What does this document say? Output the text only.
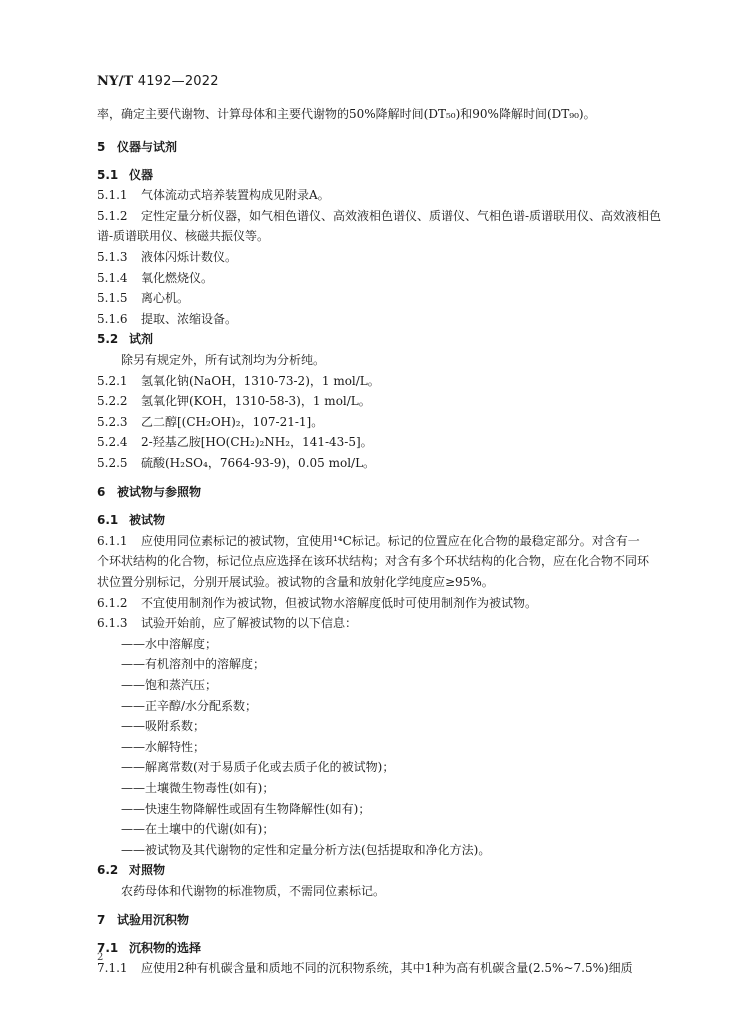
NY/T 4192—2022
率，确定主要代谢物、计算母体和主要代谢物的50%降解时间(DT₅₀)和90%降解时间(DT₉₀)。
5 仪器与试剂
5.1 仪器
5.1.1 气体流动式培养装置构成见附录A。
5.1.2 定性定量分析仪器，如气相色谱仪、高效液相色谱仪、质谱仪、气相色谱-质谱联用仪、高效液相色
谱-质谱联用仪、核磁共振仪等。
5.1.3 液体闪烁计数仪。
5.1.4 氧化燃烧仪。
5.1.5 离心机。
5.1.6 提取、浓缩设备。
5.2 试剂
除另有规定外，所有试剂均为分析纯。
5.2.1 氢氧化钠(NaOH，1310-73-2)，1 mol/L。
5.2.2 氢氧化钾(KOH，1310-58-3)，1 mol/L。
5.2.3 乙二醇[(CH₂OH)₂，107-21-1]。
5.2.4 2-羟基乙胺[HO(CH₂)₂NH₂，141-43-5]。
5.2.5 硫酸(H₂SO₄，7664-93-9)，0.05 mol/L。
6 被试物与参照物
6.1 被试物
6.1.1 应使用同位素标记的被试物，宜使用¹⁴C标记。标记的位置应在化合物的最稳定部分。对含有一
个环状结构的化合物，标记位点应选择在该环状结构；对含有多个环状结构的化合物，应在化合物不同环
状位置分别标记，分别开展试验。被试物的含量和放射化学纯度应≥95%。
6.1.2 不宜使用制剂作为被试物，但被试物水溶解度低时可使用制剂作为被试物。
6.1.3 试验开始前，应了解被试物的以下信息：
——水中溶解度；
——有机溶剂中的溶解度；
——饱和蒸汽压；
——正辛醇/水分配系数；
——吸附系数；
——水解特性；
——解离常数(对于易质子化或去质子化的被试物)；
——土壤微生物毒性(如有)；
——快速生物降解性或固有生物降解性(如有)；
——在土壤中的代谢(如有)；
——被试物及其代谢物的定性和定量分析方法(包括提取和净化方法)。
6.2 对照物
农药母体和代谢物的标准物质，不需同位素标记。
7 试验用沉积物
7.1 沉积物的选择
7.1.1 应使用2种有机碳含量和质地不同的沉积物系统，其中1种为高有机碳含量(2.5%~7.5%)细质
2
